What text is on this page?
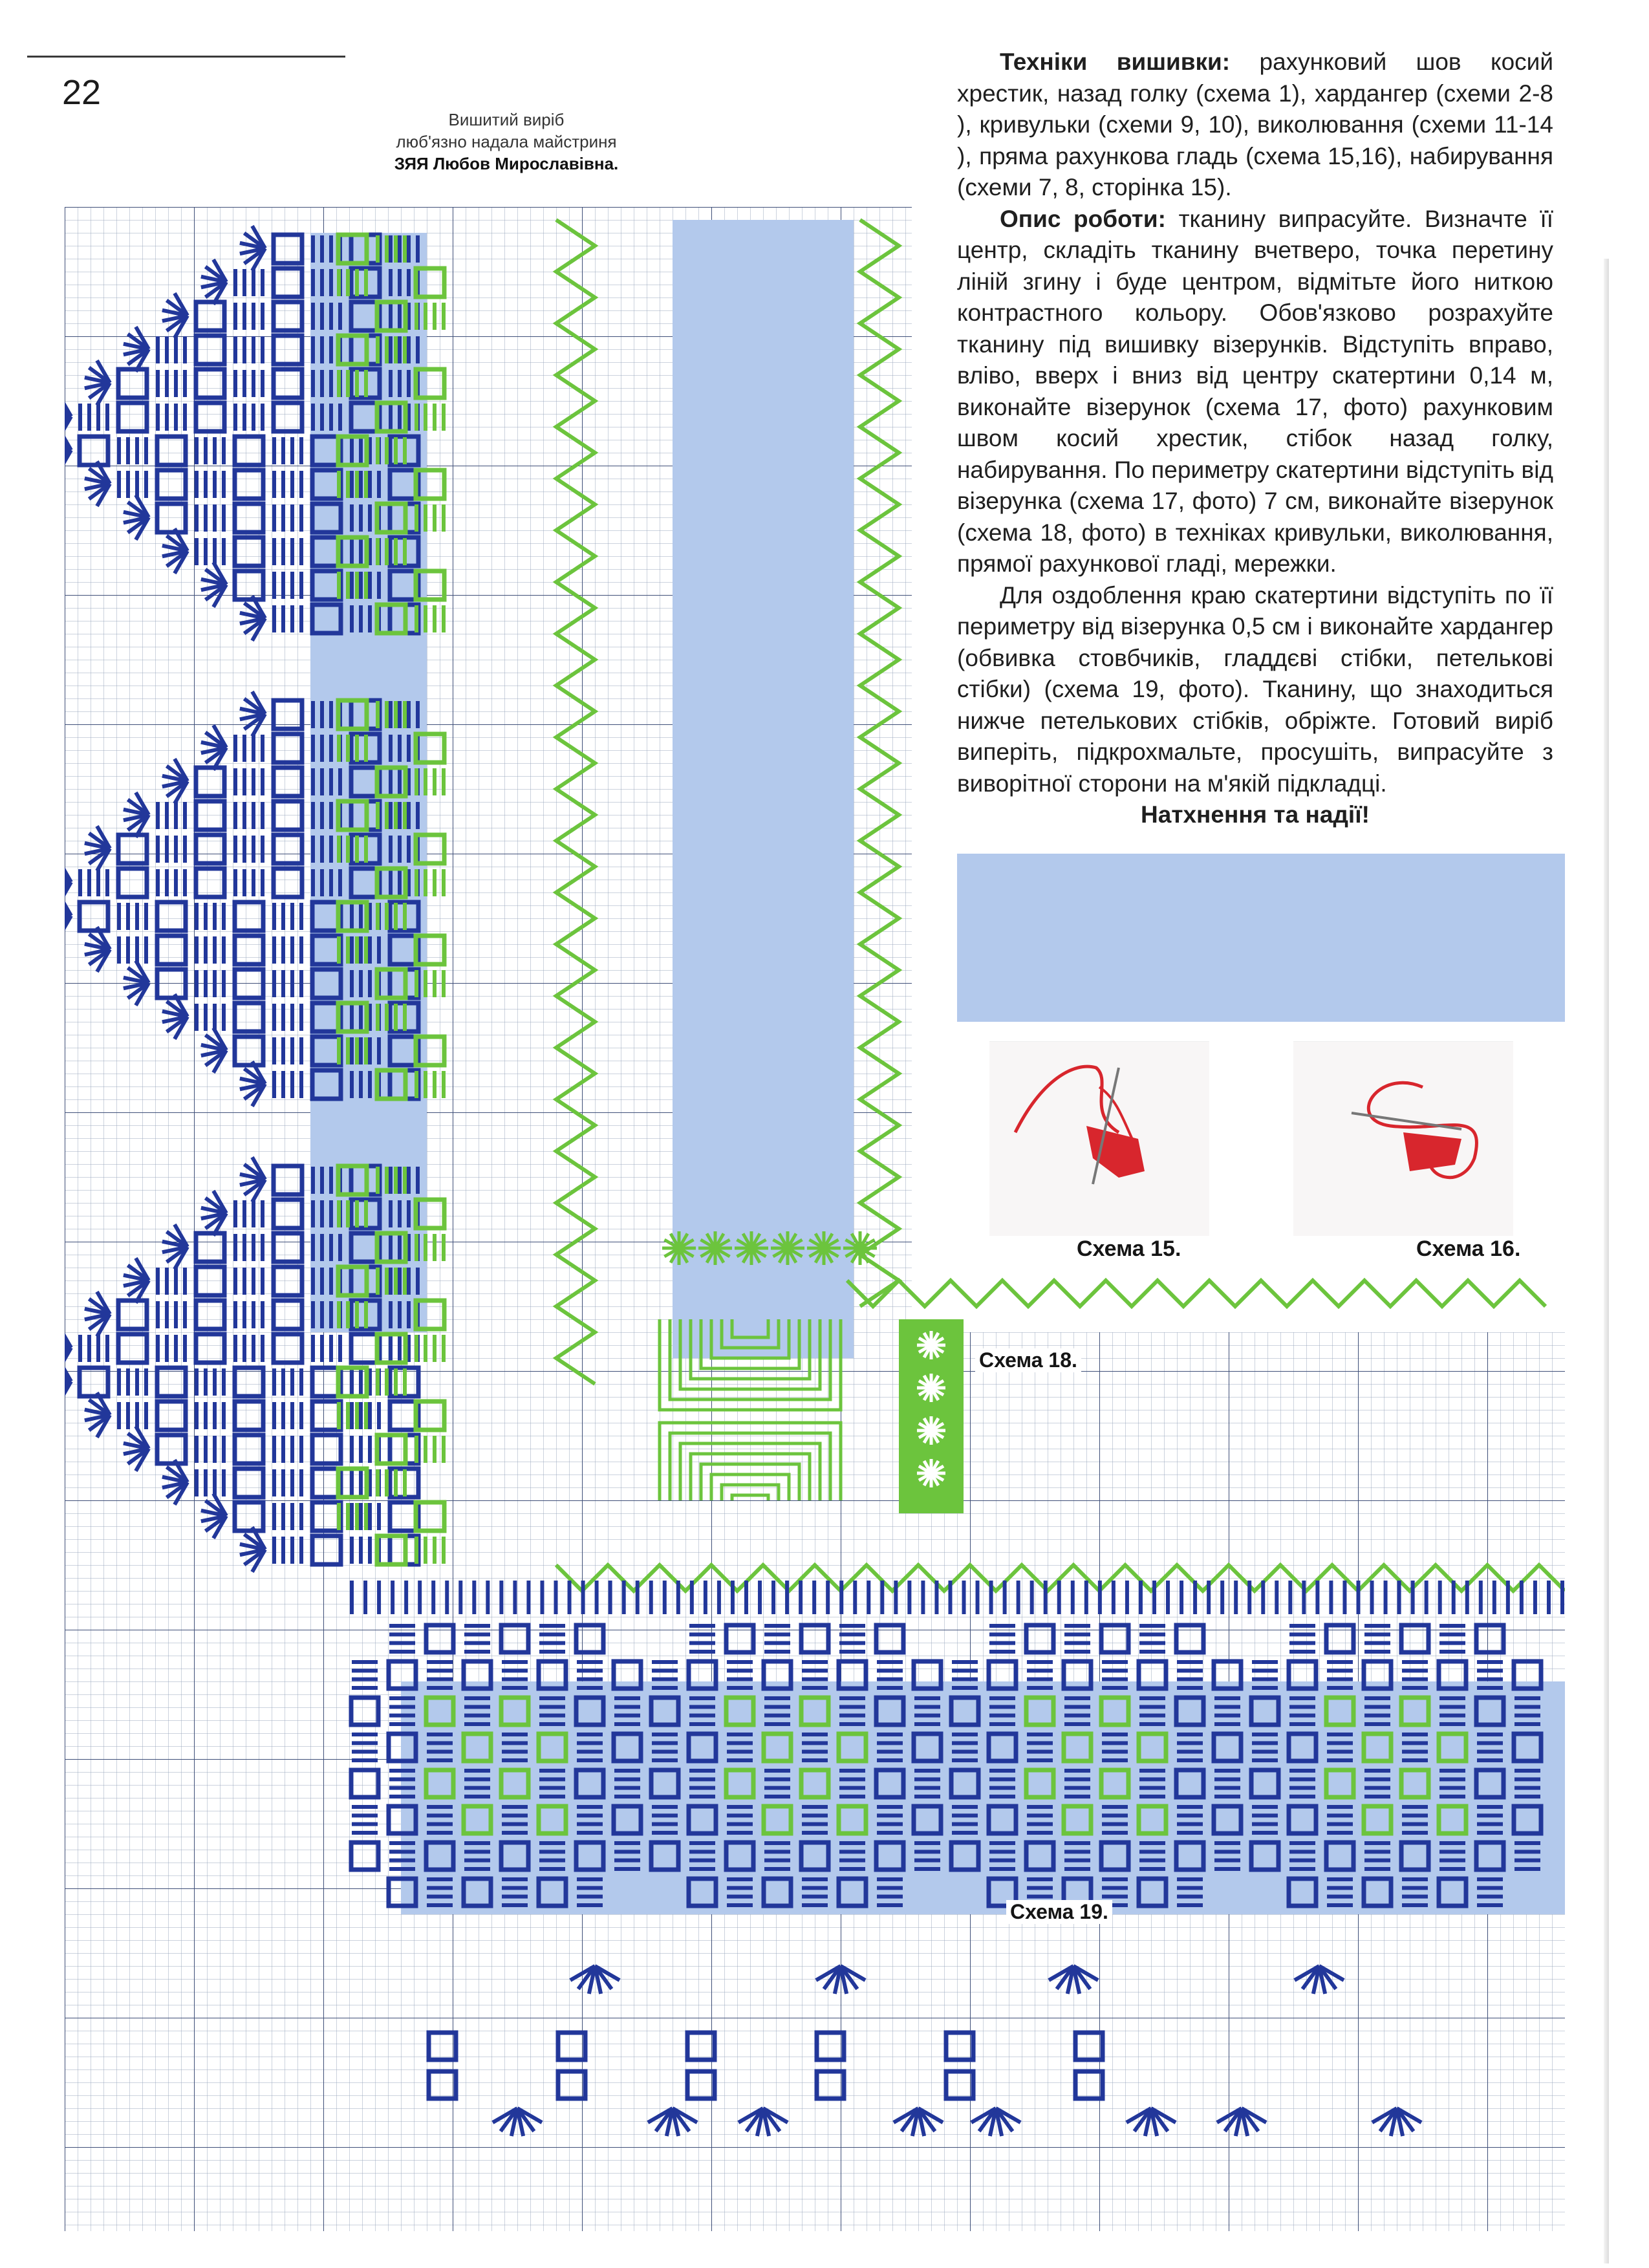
22
Вишитий виріб
люб'язно надала майстриня
ЗЯЯ Любов Мирославівна.

Техніки вишивки: рахунковий шов косий хрестик, назад голку (схема 1), хардангер (схеми 2-8 ), кривульки (схеми 9, 10), виколювання (схеми 11-14 ), пряма рахункова гладь (схема 15,16), набирування (схеми 7, 8, сторінка 15).

Опис роботи: тканину випрасуйте. Визначте її центр, складіть тканину вчетверо, точка перетину ліній згину і буде центром, відмітьте його ниткою контрастного кольору. Обов'язково розрахуйте тканину під вишивку візерунків. Відступіть вправо, вліво, вверх і вниз від центру скатертини 0,14 м, виконайте візерунок (схема 17, фото) рахунковим швом косий хрестик, стібок назад голку, набирування. По периметру скатертини відступіть від візерунка (схема 17, фото) 7 см, виконайте візерунок (схема 18, фото) в техніках кривульки, виколювання, прямої рахункової гладі, мережки.

Для оздоблення краю скатертини відступіть по її периметру від візерунка 0,5 см і виконайте хардангер (обвивка стовбчиків, гладдєві стібки, петелькові стібки) (схема 19, фото). Тканину, що знаходиться нижче петелькових стібків, обріжте. Готовий виріб виперіть, підкрохмальте, просушіть, випрасуйте з виворітної сторони на м'якій підкладці.

Натхнення та надії!

Схема 15.	Схема 16.
Схема 18.
Схема 19.
